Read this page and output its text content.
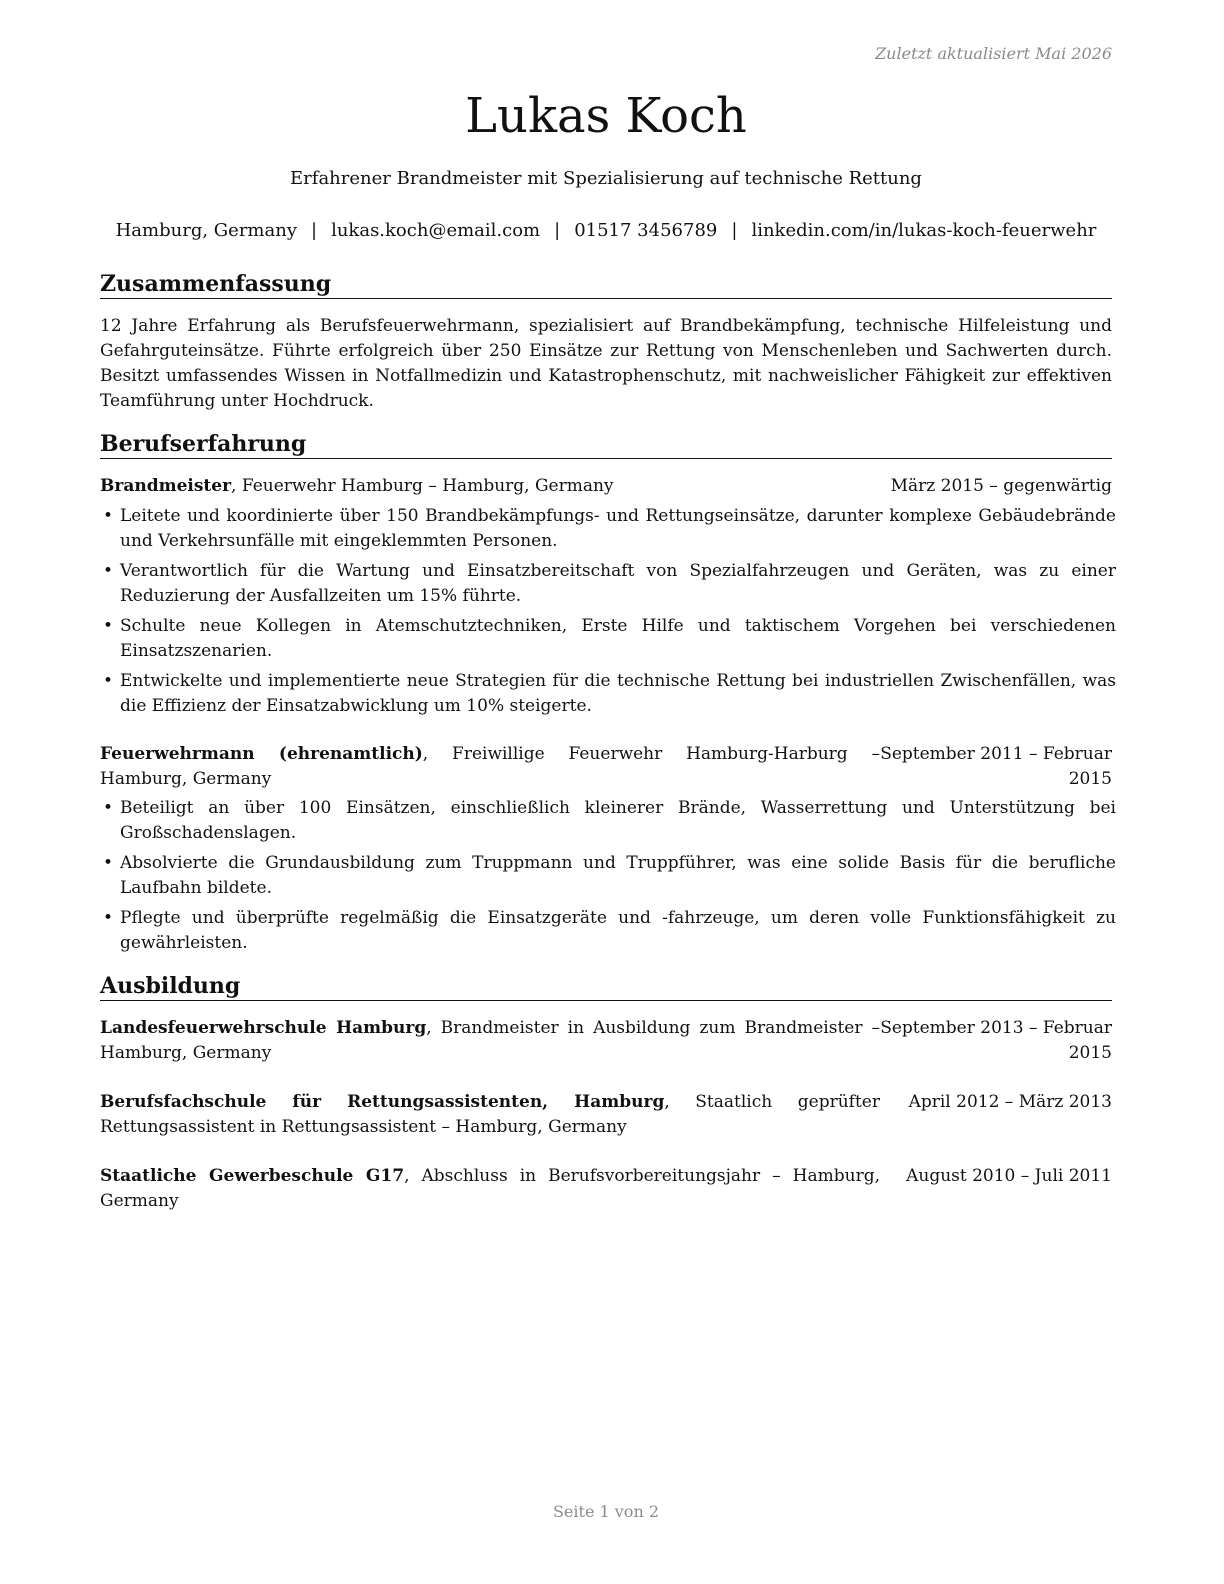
Zuletzt aktualisiert Mai 2026
Lukas Koch
Erfahrener Brandmeister mit Spezialisierung auf technische Rettung
Hamburg, Germany | lukas.koch@email.com | 01517 3456789 | linkedin.com/in/lukas-koch-feuerwehr
Zusammenfassung
12 Jahre Erfahrung als Berufsfeuerwehrmann, spezialisiert auf Brandbekämpfung, technische Hilfeleistung und Gefahrguteinsätze. Führte erfolgreich über 250 Einsätze zur Rettung von Menschenleben und Sachwerten durch. Besitzt umfassendes Wissen in Notfallmedizin und Katastrophenschutz, mit nachweislicher Fähigkeit zur effektiven Teamführung unter Hochdruck.
Berufserfahrung
Brandmeister, Feuerwehr Hamburg – Hamburg, Germany	März 2015 – gegenwärtig
• Leitete und koordinierte über 150 Brandbekämpfungs- und Rettungseinsätze, darunter komplexe Gebäudebrände und Verkehrsunfälle mit eingeklemmten Personen.
• Verantwortlich für die Wartung und Einsatzbereitschaft von Spezialfahrzeugen und Geräten, was zu einer Reduzierung der Ausfallzeiten um 15% führte.
• Schulte neue Kollegen in Atemschutztechniken, Erste Hilfe und taktischem Vorgehen bei verschiedenen Einsatzszenarien.
• Entwickelte und implementierte neue Strategien für die technische Rettung bei industriellen Zwischenfällen, was die Effizienz der Einsatzabwicklung um 10% steigerte.
Feuerwehrmann (ehrenamtlich), Freiwillige Feuerwehr Hamburg-Harburg – Hamburg, Germany
September 2011 – Februar 2015
• Beteiligt an über 100 Einsätzen, einschließlich kleinerer Brände, Wasserrettung und Unterstützung bei Großschadenslagen.
• Absolvierte die Grundausbildung zum Truppmann und Truppführer, was eine solide Basis für die berufliche Laufbahn bildete.
• Pflegte und überprüfte regelmäßig die Einsatzgeräte und -fahrzeuge, um deren volle Funktionsfähigkeit zu gewährleisten.
Ausbildung
Landesfeuerwehrschule Hamburg, Brandmeister in Ausbildung zum Brandmeister – Hamburg, Germany
September 2013 – Februar 2015
Berufsfachschule für Rettungsassistenten, Hamburg, Staatlich geprüfter Rettungsassistent in Rettungsassistent – Hamburg, Germany
April 2012 – März 2013
Staatliche Gewerbeschule G17, Abschluss in Berufsvorbereitungsjahr – Hamburg, Germany
August 2010 – Juli 2011
Seite 1 von 2
